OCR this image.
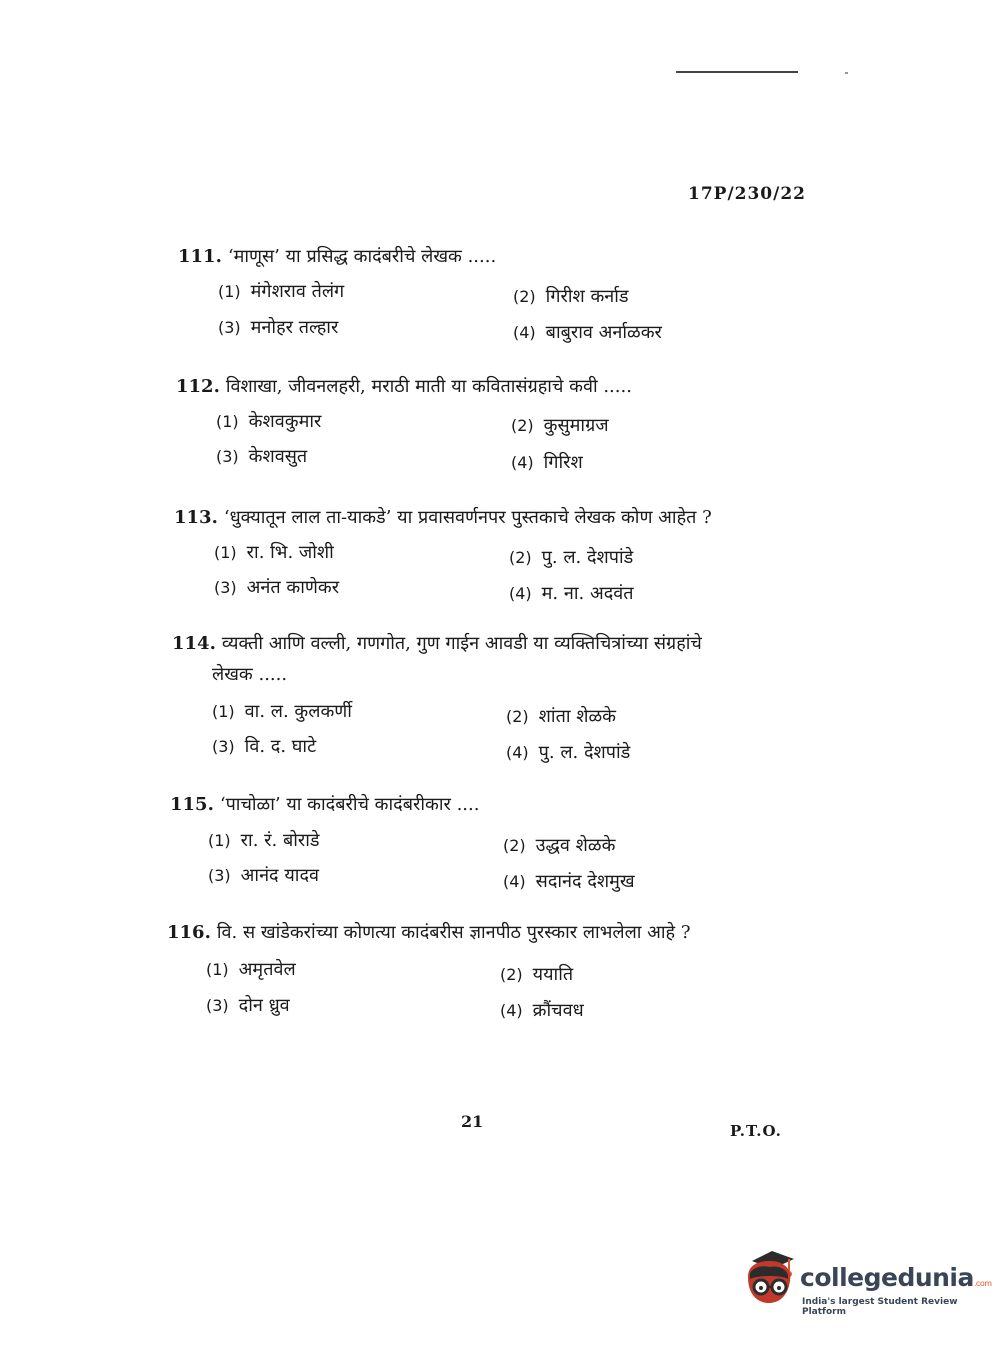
17P/230/22
111. ‘माणूस’ या प्रसिद्ध कादंबरीचे लेखक .....
(1) मंगेशराव तेलंग	(2) गिरीश कर्नाड
(3) मनोहर तल्हार	(4) बाबुराव अर्नाळकर
112. विशाखा, जीवनलहरी, मराठी माती या कवितासंग्रहाचे कवी .....
(1) केशवकुमार	(2) कुसुमाग्रज
(3) केशवसुत	(4) गिरिश
113. ‘धुक्यातून लाल ता-याकडे’ या प्रवासवर्णनपर पुस्तकाचे लेखक कोण आहेत ?
(1) रा. भि. जोशी	(2) पु. ल. देशपांडे
(3) अनंत काणेकर	(4) म. ना. अदवंत
114. व्यक्ती आणि वल्ली, गणगोत, गुण गाईन आवडी या व्यक्तिचित्रांच्या संग्रहांचे
लेखक .....
(1) वा. ल. कुलकर्णी	(2) शांता शेळके
(3) वि. द. घाटे	(4) पु. ल. देशपांडे
115. ‘पाचोळा’ या कादंबरीचे कादंबरीकार ....
(1) रा. रं. बोराडे	(2) उद्धव शेळके
(3) आनंद यादव	(4) सदानंद देशमुख
116. वि. स खांडेकरांच्या कोणत्या कादंबरीस ज्ञानपीठ पुरस्कार लाभलेला आहे ?
(1) अमृतवेल	(2) ययाति
(3) दोन ध्रुव	(4) क्रौंचवध
21	P.T.O.
collegedunia.com
India's largest Student Review Platform
